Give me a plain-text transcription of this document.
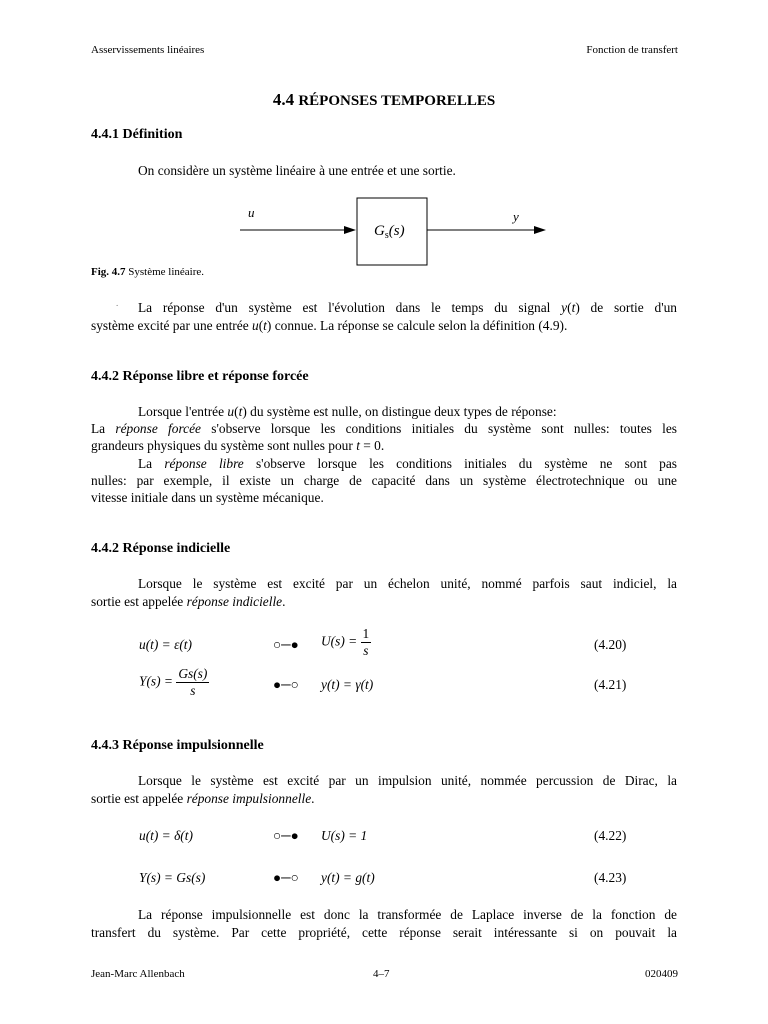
Asservissements linéaires	Fonction de transfert
4.4 RÉPONSES TEMPORELLES
4.4.1 Définition
On considère un système linéaire à une entrée et une sortie.
u	y
$G_s(s)$
Fig. 4.7 Système linéaire.
.	La réponse d'un système est l'évolution dans le temps du signal y(t) de sortie d'un
système excité par une entrée u(t) connue. La réponse se calcule selon la définition (4.9).
4.4.2 Réponse libre et réponse forcée
Lorsque l'entrée u(t) du système est nulle, on distingue deux types de réponse:
La réponse forcée s'observe lorsque les conditions initiales du système sont nulles: toutes les
grandeurs physiques du système sont nulles pour t = 0.
La réponse libre s'observe lorsque les conditions initiales du système ne sont pas
nulles: par exemple, il existe un charge de capacité dans un système électrotechnique ou une
vitesse initiale dans un système mécanique.
4.4.2 Réponse indicielle
Lorsque le système est excité par un échelon unité, nommé parfois saut indiciel, la
sortie est appelée réponse indicielle.
u(t) = ε(t)	○─● $U(s) = \frac{1}{s}$	(4.20)
$Y(s) = \frac{Gs(s)}{s}$	●─○ y(t) = γ(t)	(4.21)
4.4.3 Réponse impulsionnelle
Lorsque le système est excité par un impulsion unité, nommée percussion de Dirac, la
sortie est appelée réponse impulsionnelle.
u(t) = δ(t)	○─● U(s) = 1	(4.22)
Y(s) = Gs(s)	●─○ y(t) = g(t)	(4.23)
La réponse impulsionnelle est donc la transformée de Laplace inverse de la fonction de
transfert du système. Par cette propriété, cette réponse serait intéressante si on pouvait la
Jean-Marc Allenbach	4–7	020409
